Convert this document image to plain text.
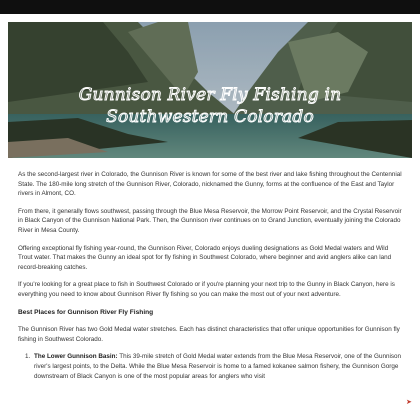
Gunnison River Fly Fishing in
Southwestern Colorado

As the second-largest river in Colorado, the Gunnison River is known for some of the best river and lake fishing throughout the Centennial State. The 180-mile long stretch of the Gunnison River, Colorado, nicknamed the Gunny, forms at the confluence of the East and Taylor rivers in Almont, CO.

From there, it generally flows southwest, passing through the Blue Mesa Reservoir, the Morrow Point Reservoir, and the Crystal Reservoir in Black Canyon of the Gunnison National Park. Then, the Gunnison river continues on to Grand Junction, eventually joining the Colorado River in Mesa County.

Offering exceptional fly fishing year-round, the Gunnison River, Colorado enjoys dueling designations as Gold Medal waters and Wild Trout water. That makes the Gunny an ideal spot for fly fishing in Southwest Colorado, where beginner and avid anglers alike can land record-breaking catches.

If you're looking for a great place to fish in Southwest Colorado or if you're planning your next trip to the Gunny in Black Canyon, here is everything you need to know about Gunnison River fly fishing so you can make the most out of your next adventure.

Best Places for Gunnison River Fly Fishing

The Gunnison River has two Gold Medal water stretches. Each has distinct characteristics that offer unique opportunities for Gunnison fly fishing in Southwest Colorado.

1. The Lower Gunnison Basin: This 39-mile stretch of Gold Medal water extends from the Blue Mesa Reservoir, one of the Gunnison river's largest points, to the Delta. While the Blue Mesa Reservoir is home to a famed kokanee salmon fishery, the Gunnison Gorge downstream of Black Canyon is one of the most popular areas for anglers who visit
➤
